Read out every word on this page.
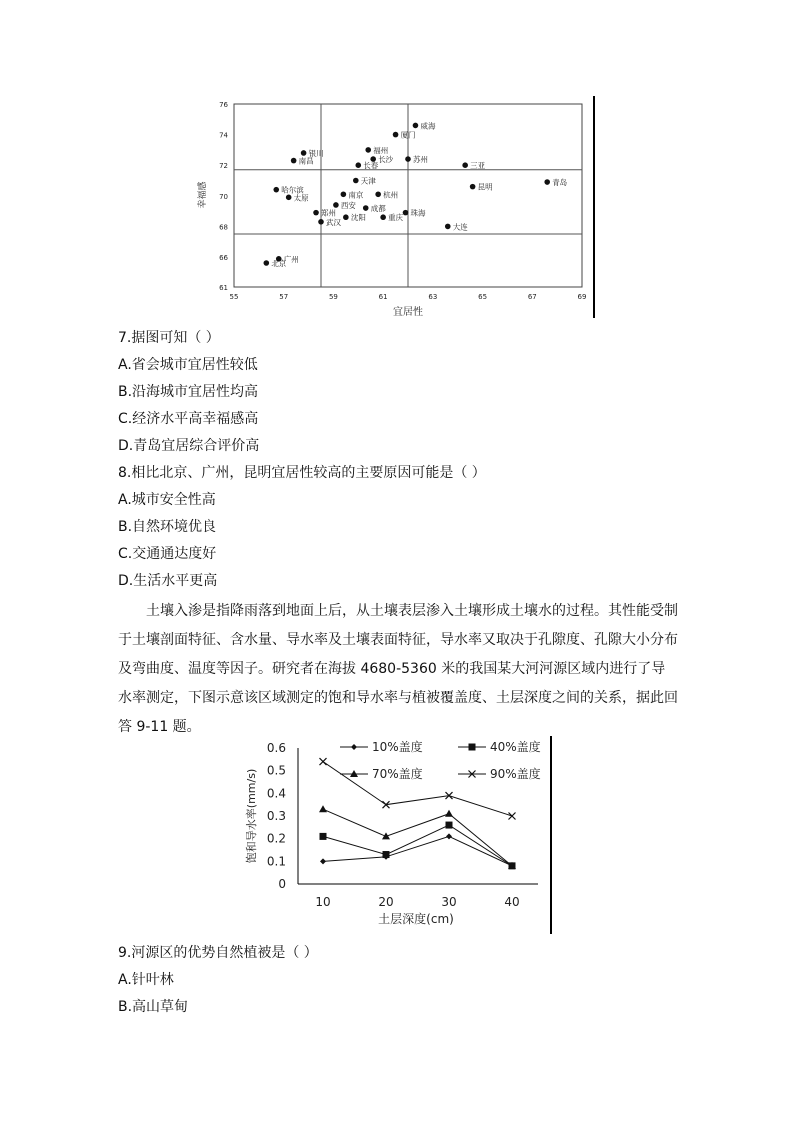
55	57	59	61	63	65	67	69
61
66
68
70
72
74
76
威海
厦门
福州
银川
长沙	苏州
南昌
长春	三亚
天津	青岛
昆明
哈尔滨
南京	杭州
太原
西安 成都
郑州	珠海
沈阳	重庆
武汉
大连
广州
北京
幸福感
宜居性
7.据图可知（ ）
A.省会城市宜居性较低
B.沿海城市宜居性均高
C.经济水平高幸福感高
D.青岛宜居综合评价高
8.相比北京、广州，昆明宜居性较高的主要原因可能是（ ）
A.城市安全性高
B.自然环境优良
C.交通通达度好
D.生活水平更高
土壤入渗是指降雨落到地面上后，从土壤表层渗入土壤形成土壤水的过程。其性能受制于土壤剖面特征、含水量、导水率及土壤表面特征，导水率又取决于孔隙度、孔隙大小分布及弯曲度、温度等因子。研究者在海拔 4680-5360 米的我国某大河河源区域内进行了导水率测定，下图示意该区域测定的饱和导水率与植被覆盖度、土层深度之间的关系，据此回答 9-11 题。
0
0.1
0.2
0.3
0.4
0.5
0.6
10	20	30	40
10%盖度	40%盖度
70%盖度	90%盖度
饱和导水率(mm/s)
土层深度(cm)
9.河源区的优势自然植被是（ ）
A.针叶林
B.高山草甸
